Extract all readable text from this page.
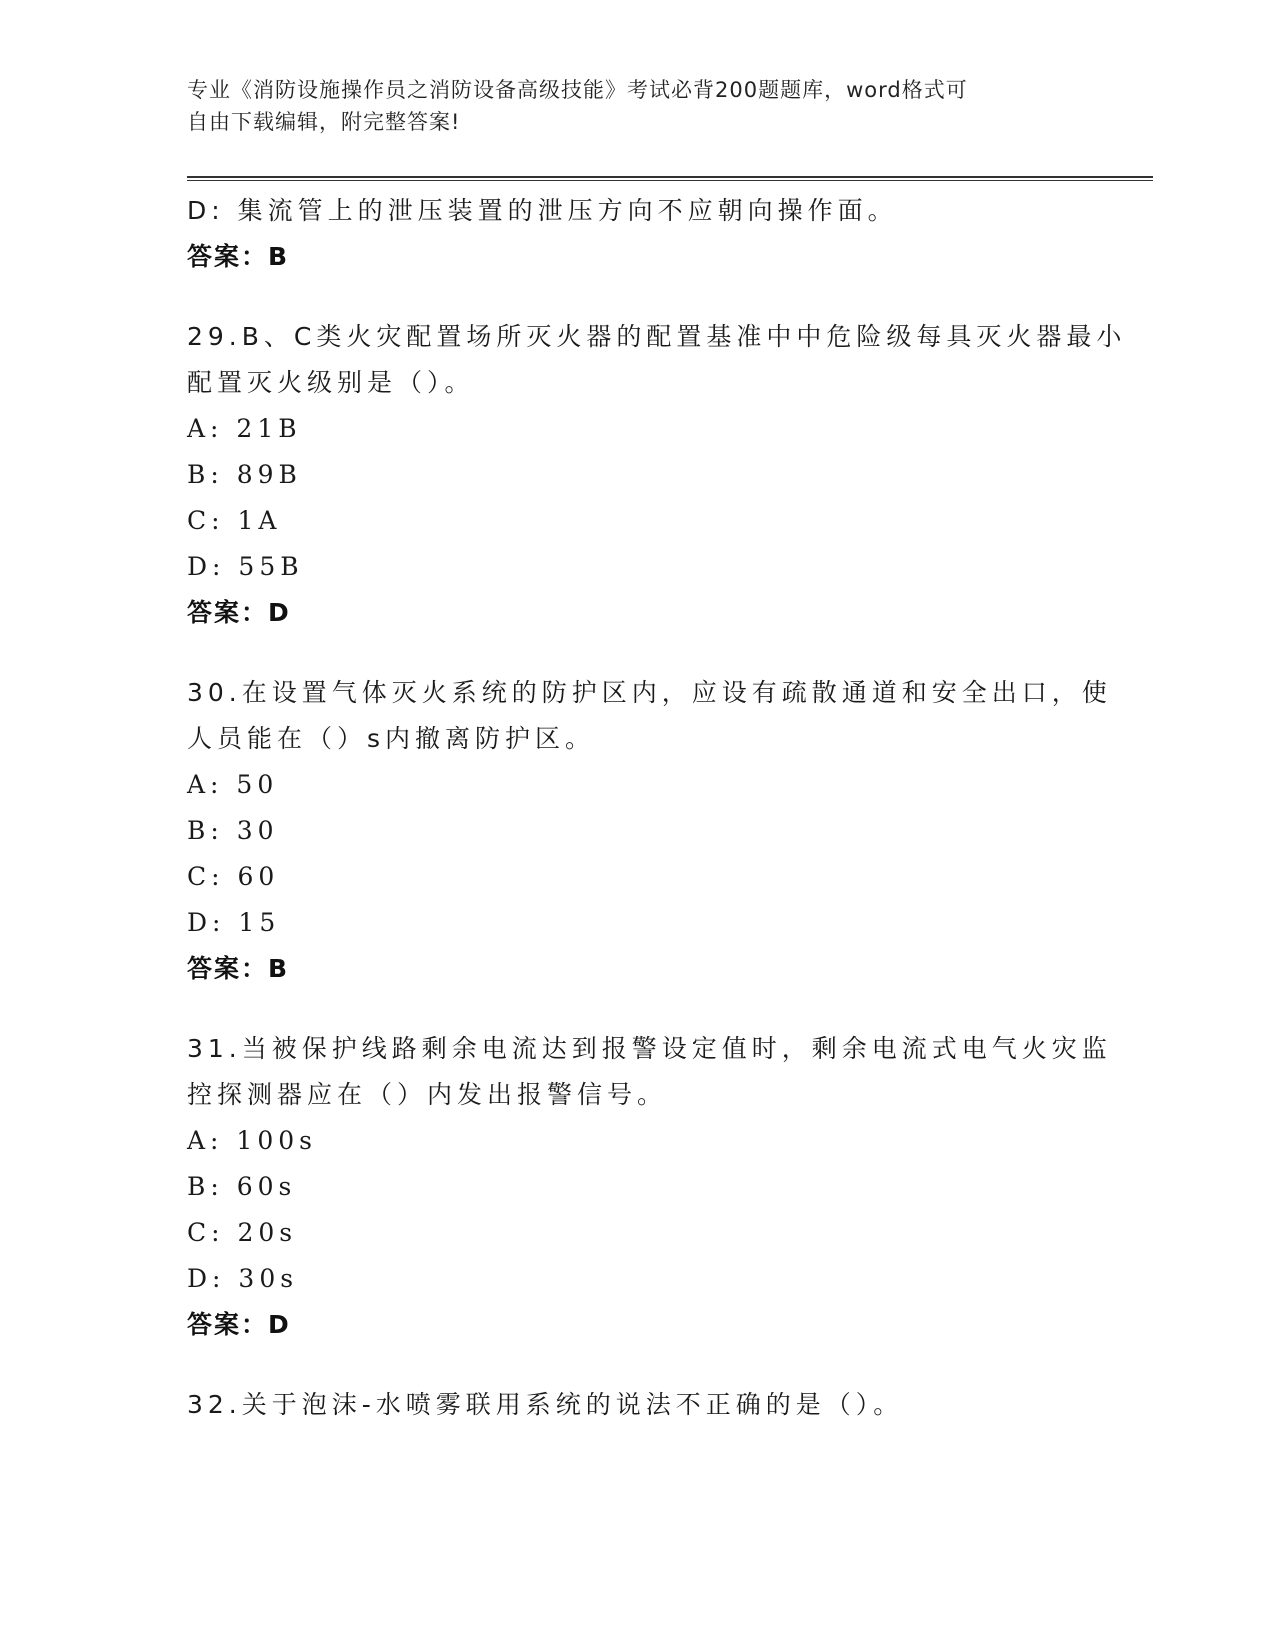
专业《消防设施操作员之消防设备高级技能》考试必背200题题库，word格式可
自由下载编辑，附完整答案!
D: 集流管上的泄压装置的泄压方向不应朝向操作面。
答案：B
29.B、C类火灾配置场所灭火器的配置基准中中危险级每具灭火器最小
配置灭火级别是（）。
A: 21B
B: 89B
C: 1A
D: 55B
答案：D
30.在设置气体灭火系统的防护区内，应设有疏散通道和安全出口，使
人员能在（）s内撤离防护区。
A: 50
B: 30
C: 60
D: 15
答案：B
31.当被保护线路剩余电流达到报警设定值时，剩余电流式电气火灾监
控探测器应在（）内发出报警信号。
A: 100s
B: 60s
C: 20s
D: 30s
答案：D
32.关于泡沫-水喷雾联用系统的说法不正确的是（）。
